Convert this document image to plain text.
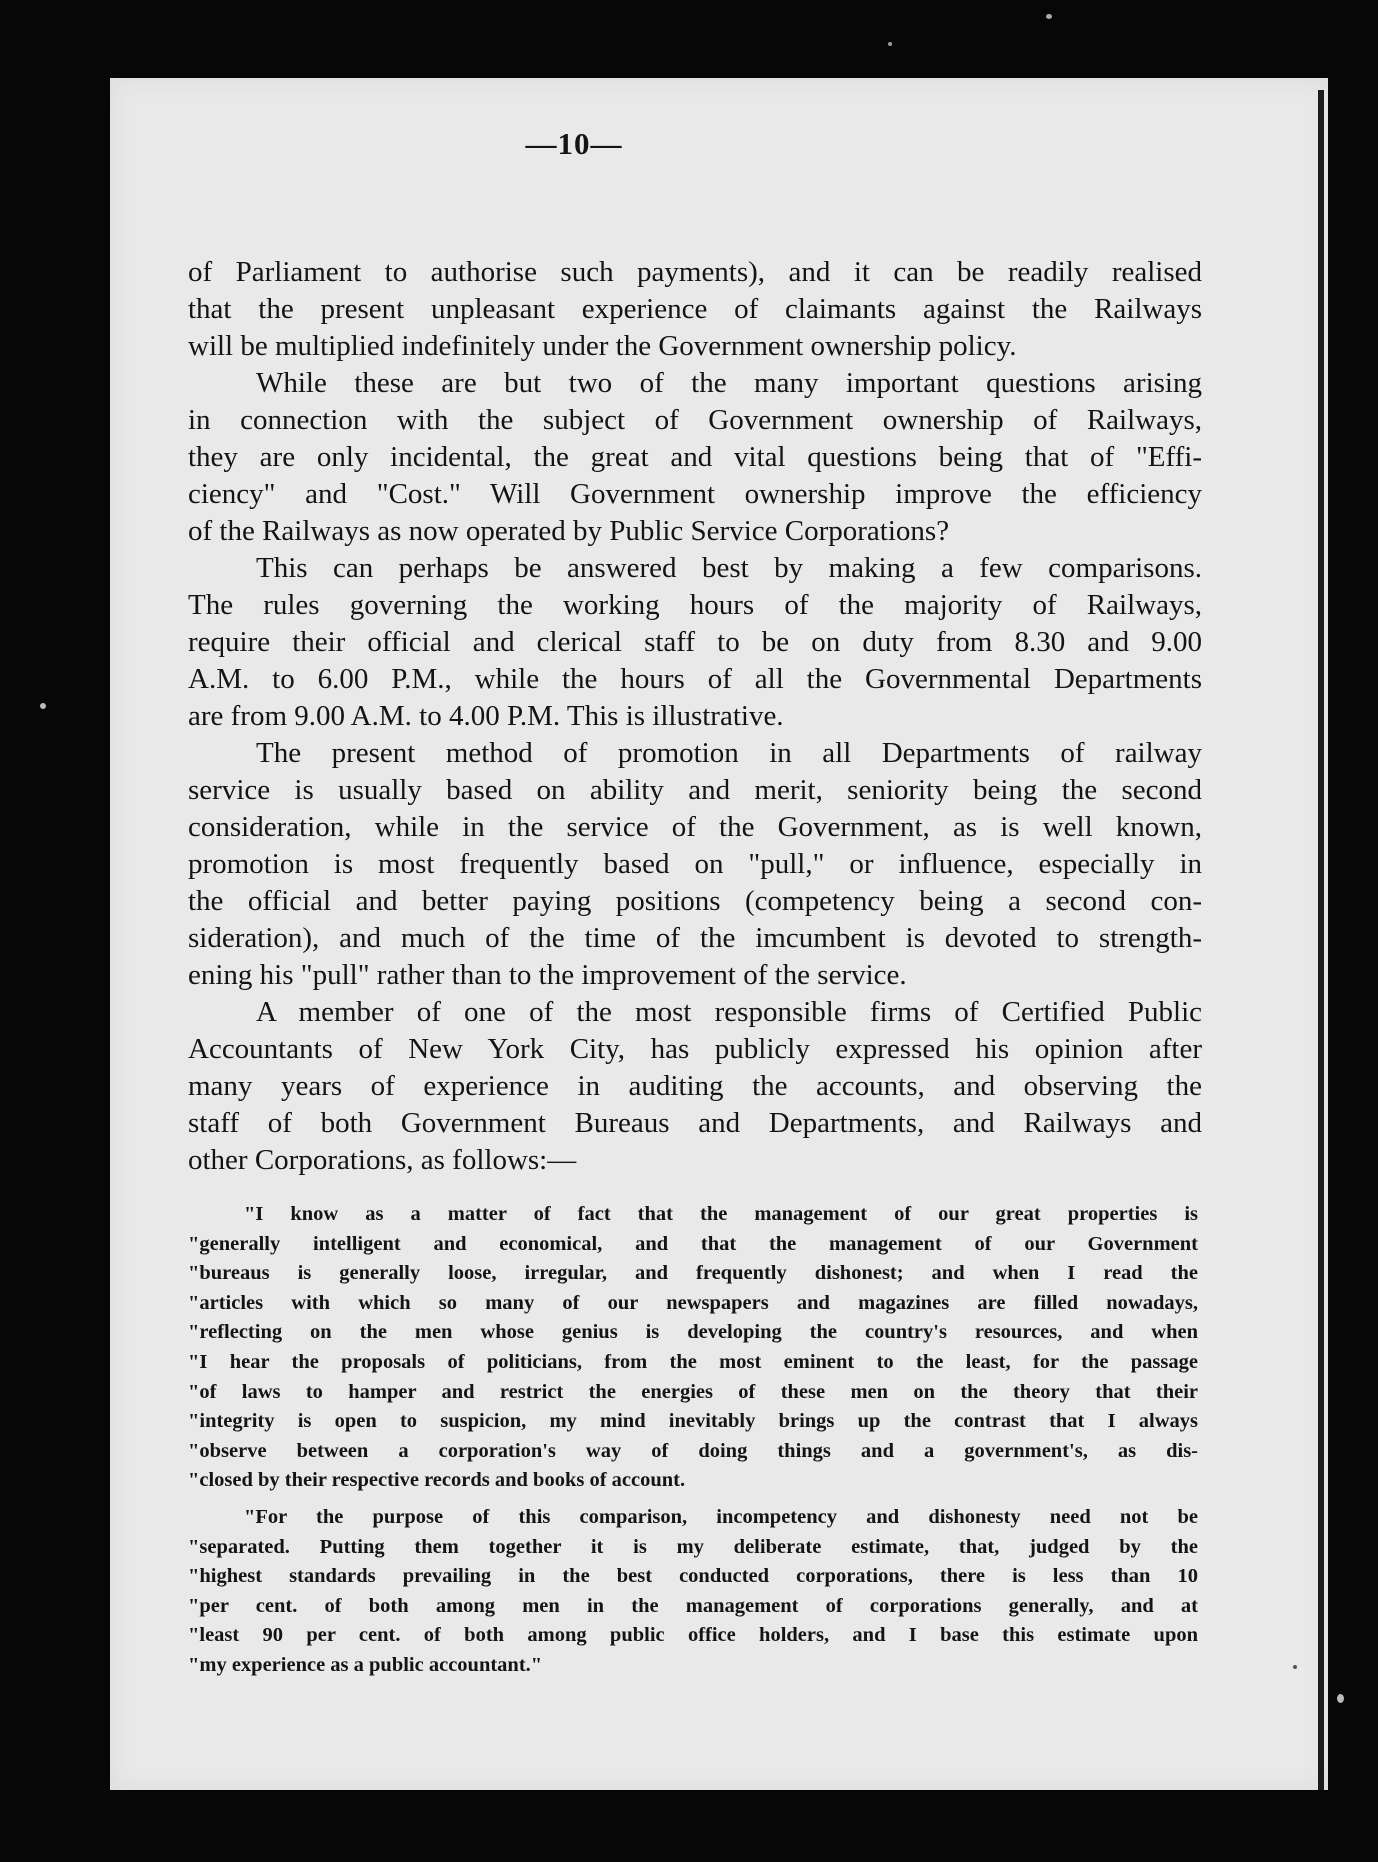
—10—
of Parliament to authorise such payments), and it can be readily realised
that the present unpleasant experience of claimants against the Railways
will be multiplied indefinitely under the Government ownership policy.
While these are but two of the many important questions arising
in connection with the subject of Government ownership of Railways,
they are only incidental, the great and vital questions being that of "Effi-
ciency" and "Cost." Will Government ownership improve the efficiency
of the Railways as now operated by Public Service Corporations?
This can perhaps be answered best by making a few comparisons.
The rules governing the working hours of the majority of Railways,
require their official and clerical staff to be on duty from 8.30 and 9.00
A.M. to 6.00 P.M., while the hours of all the Governmental Departments
are from 9.00 A.M. to 4.00 P.M. This is illustrative.
The present method of promotion in all Departments of railway
service is usually based on ability and merit, seniority being the second
consideration, while in the service of the Government, as is well known,
promotion is most frequently based on "pull," or influence, especially in
the official and better paying positions (competency being a second con-
sideration), and much of the time of the imcumbent is devoted to strength-
ening his "pull" rather than to the improvement of the service.
A member of one of the most responsible firms of Certified Public
Accountants of New York City, has publicly expressed his opinion after
many years of experience in auditing the accounts, and observing the
staff of both Government Bureaus and Departments, and Railways and
other Corporations, as follows:—
"I know as a matter of fact that the management of our great properties is
"generally intelligent and economical, and that the management of our Government
"bureaus is generally loose, irregular, and frequently dishonest; and when I read the
"articles with which so many of our newspapers and magazines are filled nowadays,
"reflecting on the men whose genius is developing the country's resources, and when
"I hear the proposals of politicians, from the most eminent to the least, for the passage
"of laws to hamper and restrict the energies of these men on the theory that their
"integrity is open to suspicion, my mind inevitably brings up the contrast that I always
"observe between a corporation's way of doing things and a government's, as dis-
"closed by their respective records and books of account.
"For the purpose of this comparison, incompetency and dishonesty need not be
"separated. Putting them together it is my deliberate estimate, that, judged by the
"highest standards prevailing in the best conducted corporations, there is less than 10
"per cent. of both among men in the management of corporations generally, and at
"least 90 per cent. of both among public office holders, and I base this estimate upon
"my experience as a public accountant."
